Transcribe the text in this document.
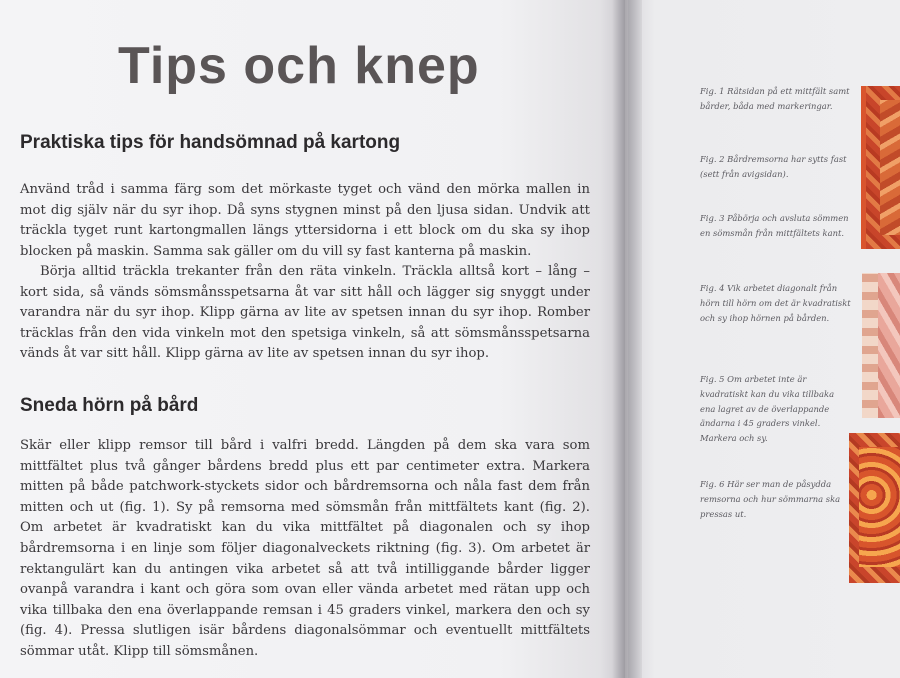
Tips och knep
Praktiska tips för handsömnad på kartong

Använd tråd i samma färg som det mörkaste tyget och vänd den mörka mallen in mot dig själv när du syr ihop. Då syns stygnen minst på den ljusa sidan. Undvik att träckla tyget runt kartongmallen längs yttersidorna i ett block om du ska sy ihop blocken på maskin. Samma sak gäller om du vill sy fast kanterna på maskin.

Börja alltid träckla trekanter från den räta vinkeln. Träckla alltså kort – lång – kort sida, så vänds sömsmånsspetsarna åt var sitt håll och lägger sig snyggt under varandra när du syr ihop. Klipp gärna av lite av spetsen innan du syr ihop. Romber träcklas från den vida vinkeln mot den spetsiga vinkeln, så att sömsmånsspetsarna vänds åt var sitt håll. Klipp gärna av lite av spetsen innan du syr ihop.

Sneda hörn på bård

Skär eller klipp remsor till bård i valfri bredd. Längden på dem ska vara som mittfältet plus två gånger bårdens bredd plus ett par centimeter extra. Markera mitten på både patchwork-styckets sidor och bårdremsorna och nåla fast dem från mitten och ut (fig. 1). Sy på remsorna med sömsmån från mittfältets kant (fig. 2). Om arbetet är kvadratiskt kan du vika mittfältet på diagonalen och sy ihop bårdremsorna i en linje som följer diagonalveckets riktning (fig. 3). Om arbetet är rektangulärt kan du antingen vika arbetet så att två intilliggande bårder ligger ovanpå varandra i kant och göra som ovan eller vända arbetet med rätan upp och vika tillbaka den ena överlappande remsan i 45 graders vinkel, markera den och sy (fig. 4). Pressa slutligen isär bårdens diagonalsömmar och eventuellt mittfältets sömmar utåt. Klipp till sömsmånen.

Fig. 1 Rätsidan på ett mittfält samt bårder, båda med markeringar.

Fig. 2 Bårdremsorna har sytts fast (sett från avigsidan).

Fig. 3 Påbörja och avsluta sömmen en sömsmån från mittfältets kant.

Fig. 4 Vik arbetet diagonalt från hörn till hörn om det är kvadratiskt och sy ihop hörnen på bården.

Fig. 5 Om arbetet inte är kvadratiskt kan du vika tillbaka ena lagret av de överlappande ändarna i 45 graders vinkel. Markera och sy.

Fig. 6 Här ser man de påsydda remsorna och hur sömmarna ska pressas ut.
